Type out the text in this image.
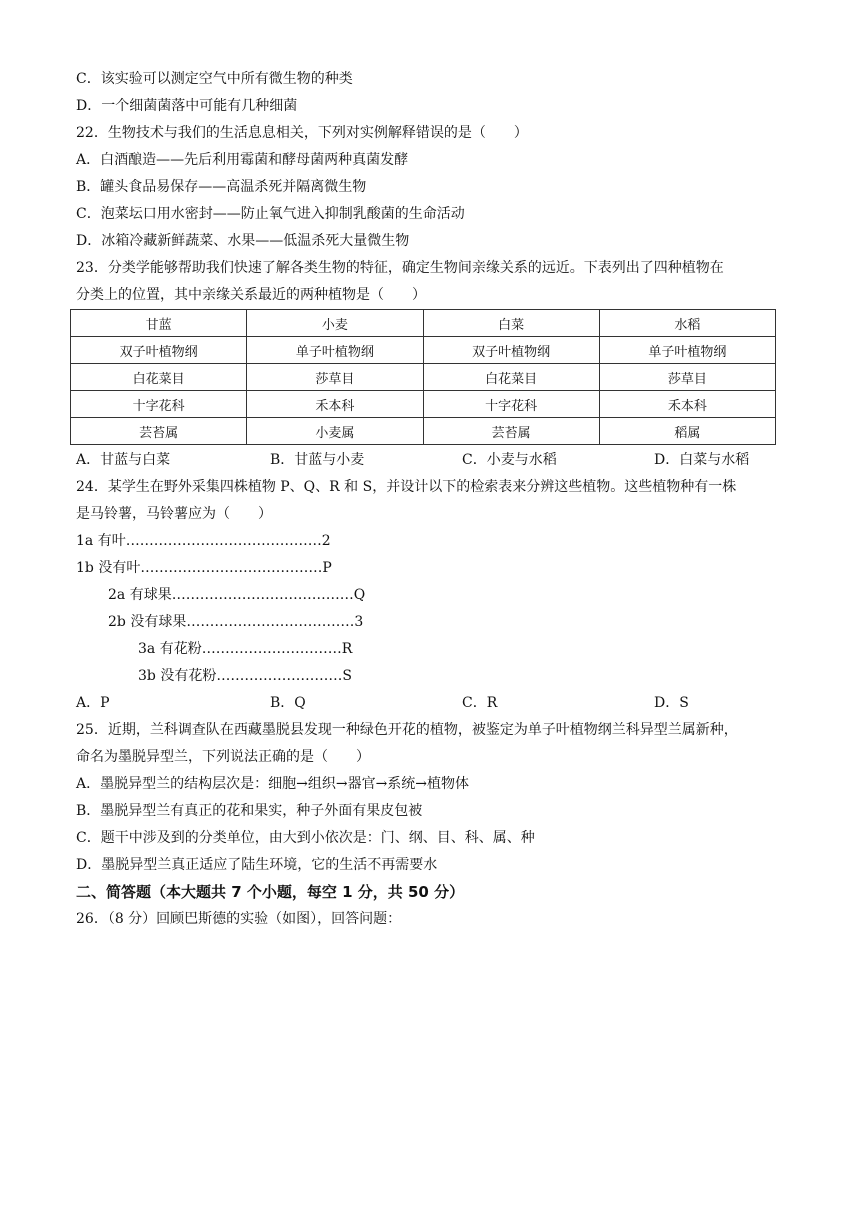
C．该实验可以测定空气中所有微生物的种类
D．一个细菌菌落中可能有几种细菌
22．生物技术与我们的生活息息相关，下列对实例解释错误的是（　　）
A．白酒酿造——先后利用霉菌和酵母菌两种真菌发酵
B．罐头食品易保存——高温杀死并隔离微生物
C．泡菜坛口用水密封——防止氧气进入抑制乳酸菌的生命活动
D．冰箱冷藏新鲜蔬菜、水果——低温杀死大量微生物
23．分类学能够帮助我们快速了解各类生物的特征，确定生物间亲缘关系的远近。下表列出了四种植物在
分类上的位置，其中亲缘关系最近的两种植物是（　　）
甘蓝	小麦	白菜	水稻
双子叶植物纲	单子叶植物纲	双子叶植物纲	单子叶植物纲
白花菜目	莎草目	白花菜目	莎草目
十字花科	禾本科	十字花科	禾本科
芸苔属	小麦属	芸苔属	稻属
A．甘蓝与白菜	B．甘蓝与小麦	C．小麦与水稻	D．白菜与水稻
24．某学生在野外采集四株植物 P、Q、R 和 S，并设计以下的检索表来分辨这些植物。这些植物种有一株
是马铃薯，马铃薯应为（　　）
1a 有叶……………………………………2
1b 没有叶…………………………………P
2a 有球果…………………………………Q
2b 没有球果………………………………3
3a 有花粉…………………………R
3b 没有花粉………………………S
A．P	B．Q	C．R	D．S
25．近期，兰科调查队在西藏墨脱县发现一种绿色开花的植物，被鉴定为单子叶植物纲兰科异型兰属新种，
命名为墨脱异型兰，下列说法正确的是（　　）
A．墨脱异型兰的结构层次是：细胞→组织→器官→系统→植物体
B．墨脱异型兰有真正的花和果实，种子外面有果皮包被
C．题干中涉及到的分类单位，由大到小依次是：门、纲、目、科、属、种
D．墨脱异型兰真正适应了陆生环境，它的生活不再需要水
二、简答题（本大题共 7 个小题，每空 1 分，共 50 分）
26．（8 分）回顾巴斯德的实验（如图），回答问题：
